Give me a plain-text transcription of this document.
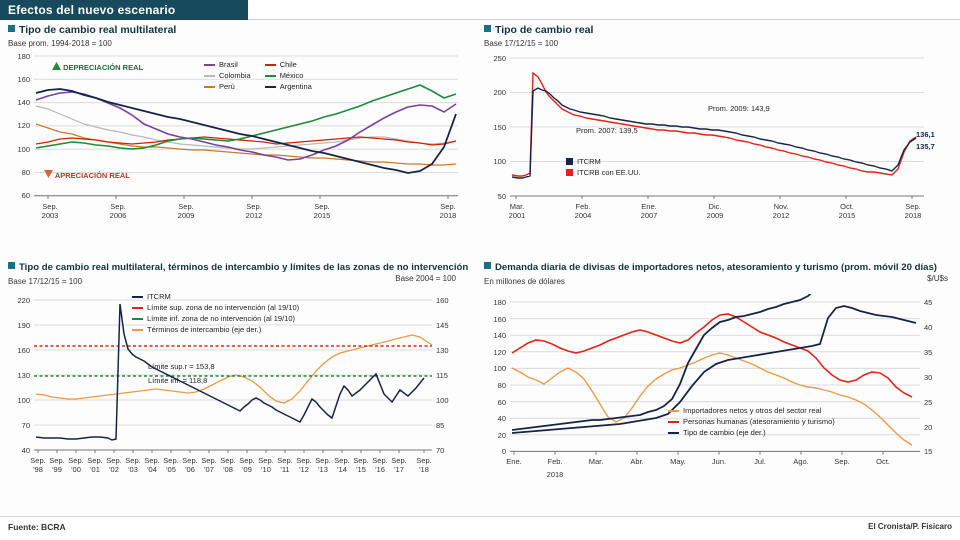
Efectos del nuevo escenario
Tipo de cambio real multilateral
Base prom. 1994-2018 = 100
180
160
140
120
100
80
60
Sep.
2003
Sep.
2006
Sep.
2009
Sep.
2012
Sep.
2015
Sep.
2018
DEPRECIACIÓN REAL
APRECIACIÓN REAL
Brasil
Colombia
Perú
Chile
México
Argentina
Tipo de cambio real
Base 17/12/15 = 100
250
200
150
100
50
Mar.
2001
Feb.
2004
Ene.
2007
Dic.
2009
Nov.
2012
Oct.
2015
Sep.
2018
Prom. 2007: 139,5
Prom. 2009: 143,9
136,1
135,7
ITCRM
ITCRB con EE.UU.
Tipo de cambio real multilateral, términos de intercambio y límites de las zonas de no intervención
Base 17/12/15 = 100	Base 2004 = 100
220
190
160
130
100
70
40
160
145
130
115
100
85
70
Sep.
'98
Sep.
'99
Sep.
'00
Sep.
'01
Sep.
'02
Sep.
'03
Sep.
'04
Sep.
'05
Sep.
'06
Sep.
'07
Sep.
'08
Sep.
'09
Sep.
'10
Sep.
'11
Sep.
'12
Sep.
'13
Sep.
'14
Sep.
'15
Sep.
'16
Sep.
'17
Sep.
'18
Límite sup.r = 153,8
Límite inf. = 118,8
ITCRM
Límite sup. zona de no intervención (al 19/10)
Límite inf. zona de no intervención (al 19/10)
Términos de intercambio (eje der.)
Demanda diaria de divisas de importadores netos, atesoramiento y turismo (prom. móvil 20 días)
En millones de dólares	$/U$s
180
160
140
120
100
80
60
40
20
0
45
40
35
30
25
20
15
Ene.	Feb.	Mar.	Abr.	May.	Jun.	Jul.	Ago.	Sep.	Oct.
2018
Importadores netos y otros del sector real
Personas humanas (atesoramiento y turismo)
Tipo de cambio (eje der.)
Fuente: BCRA	El Cronista/P. Fisicaro
